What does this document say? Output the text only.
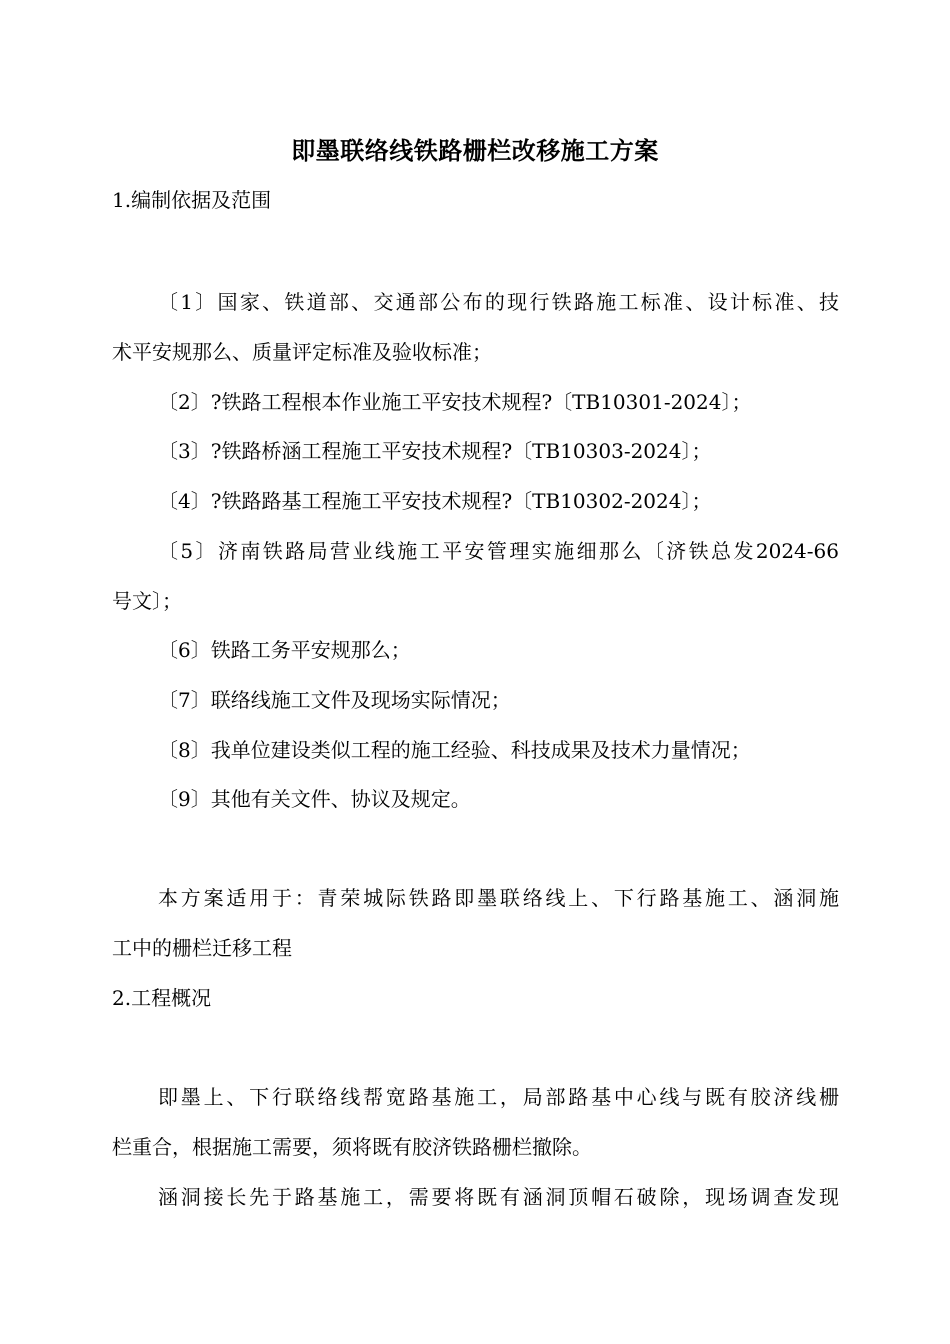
即墨联络线铁路栅栏改移施工方案
1.编制依据及范围
〔1〕国家、铁道部、交通部公布的现行铁路施工标准、设计标准、技
术平安规那么、质量评定标准及验收标准；
〔2〕?铁路工程根本作业施工平安技术规程?〔TB10301-2024〕；
〔3〕?铁路桥涵工程施工平安技术规程?〔TB10303-2024〕；
〔4〕?铁路路基工程施工平安技术规程?〔TB10302-2024〕；
〔5〕济南铁路局营业线施工平安管理实施细那么〔济铁总发2024-66
号文〕；
〔6〕铁路工务平安规那么；
〔7〕联络线施工文件及现场实际情况；
〔8〕我单位建设类似工程的施工经验、科技成果及技术力量情况；
〔9〕其他有关文件、协议及规定。
本方案适用于：青荣城际铁路即墨联络线上、下行路基施工、涵洞施
工中的栅栏迁移工程
2.工程概况
即墨上、下行联络线帮宽路基施工，局部路基中心线与既有胶济线栅
栏重合，根据施工需要，须将既有胶济铁路栅栏撤除。
涵洞接长先于路基施工，需要将既有涵洞顶帽石破除，现场调查发现
